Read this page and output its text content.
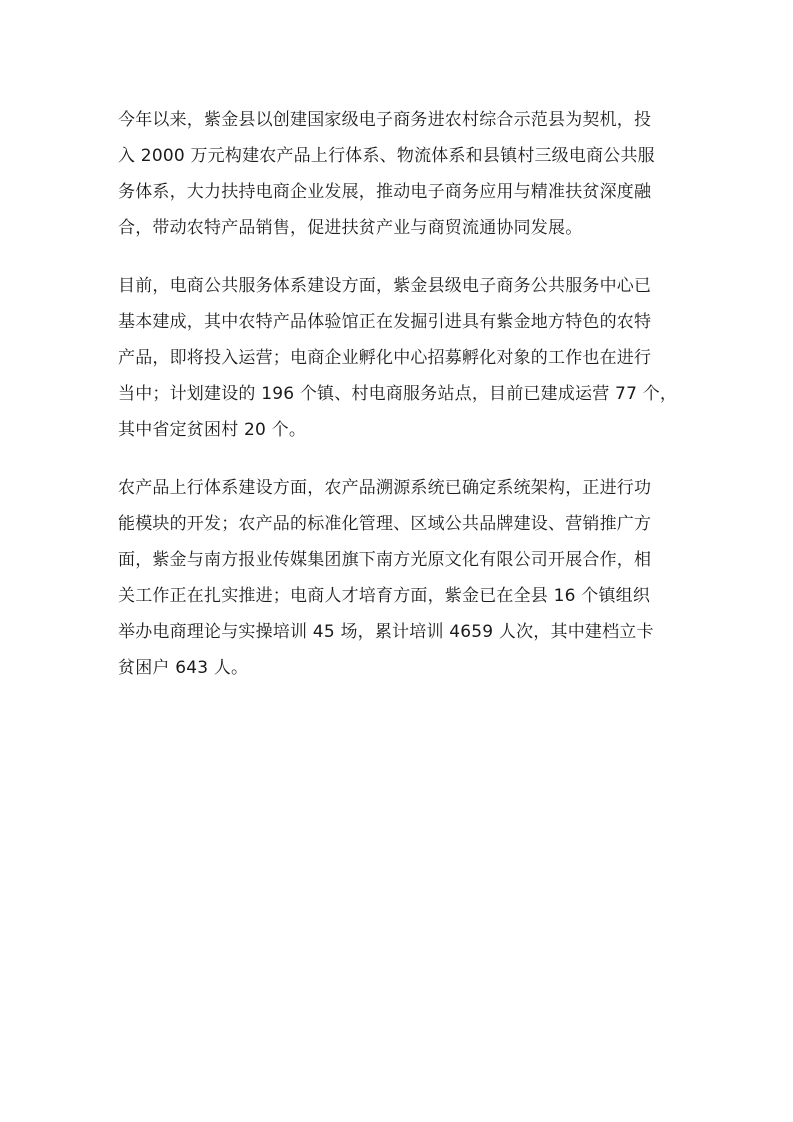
今年以来，紫金县以创建国家级电子商务进农村综合示范县为契机，投
入 2000 万元构建农产品上行体系、物流体系和县镇村三级电商公共服
务体系，大力扶持电商企业发展，推动电子商务应用与精准扶贫深度融
合，带动农特产品销售，促进扶贫产业与商贸流通协同发展。

目前，电商公共服务体系建设方面，紫金县级电子商务公共服务中心已
基本建成，其中农特产品体验馆正在发掘引进具有紫金地方特色的农特
产品，即将投入运营；电商企业孵化中心招募孵化对象的工作也在进行
当中；计划建设的 196 个镇、村电商服务站点，目前已建成运营 77 个，
其中省定贫困村 20 个。

农产品上行体系建设方面，农产品溯源系统已确定系统架构，正进行功
能模块的开发；农产品的标准化管理、区域公共品牌建设、营销推广方
面，紫金与南方报业传媒集团旗下南方光原文化有限公司开展合作，相
关工作正在扎实推进；电商人才培育方面，紫金已在全县 16 个镇组织
举办电商理论与实操培训 45 场，累计培训 4659 人次，其中建档立卡
贫困户 643 人。
